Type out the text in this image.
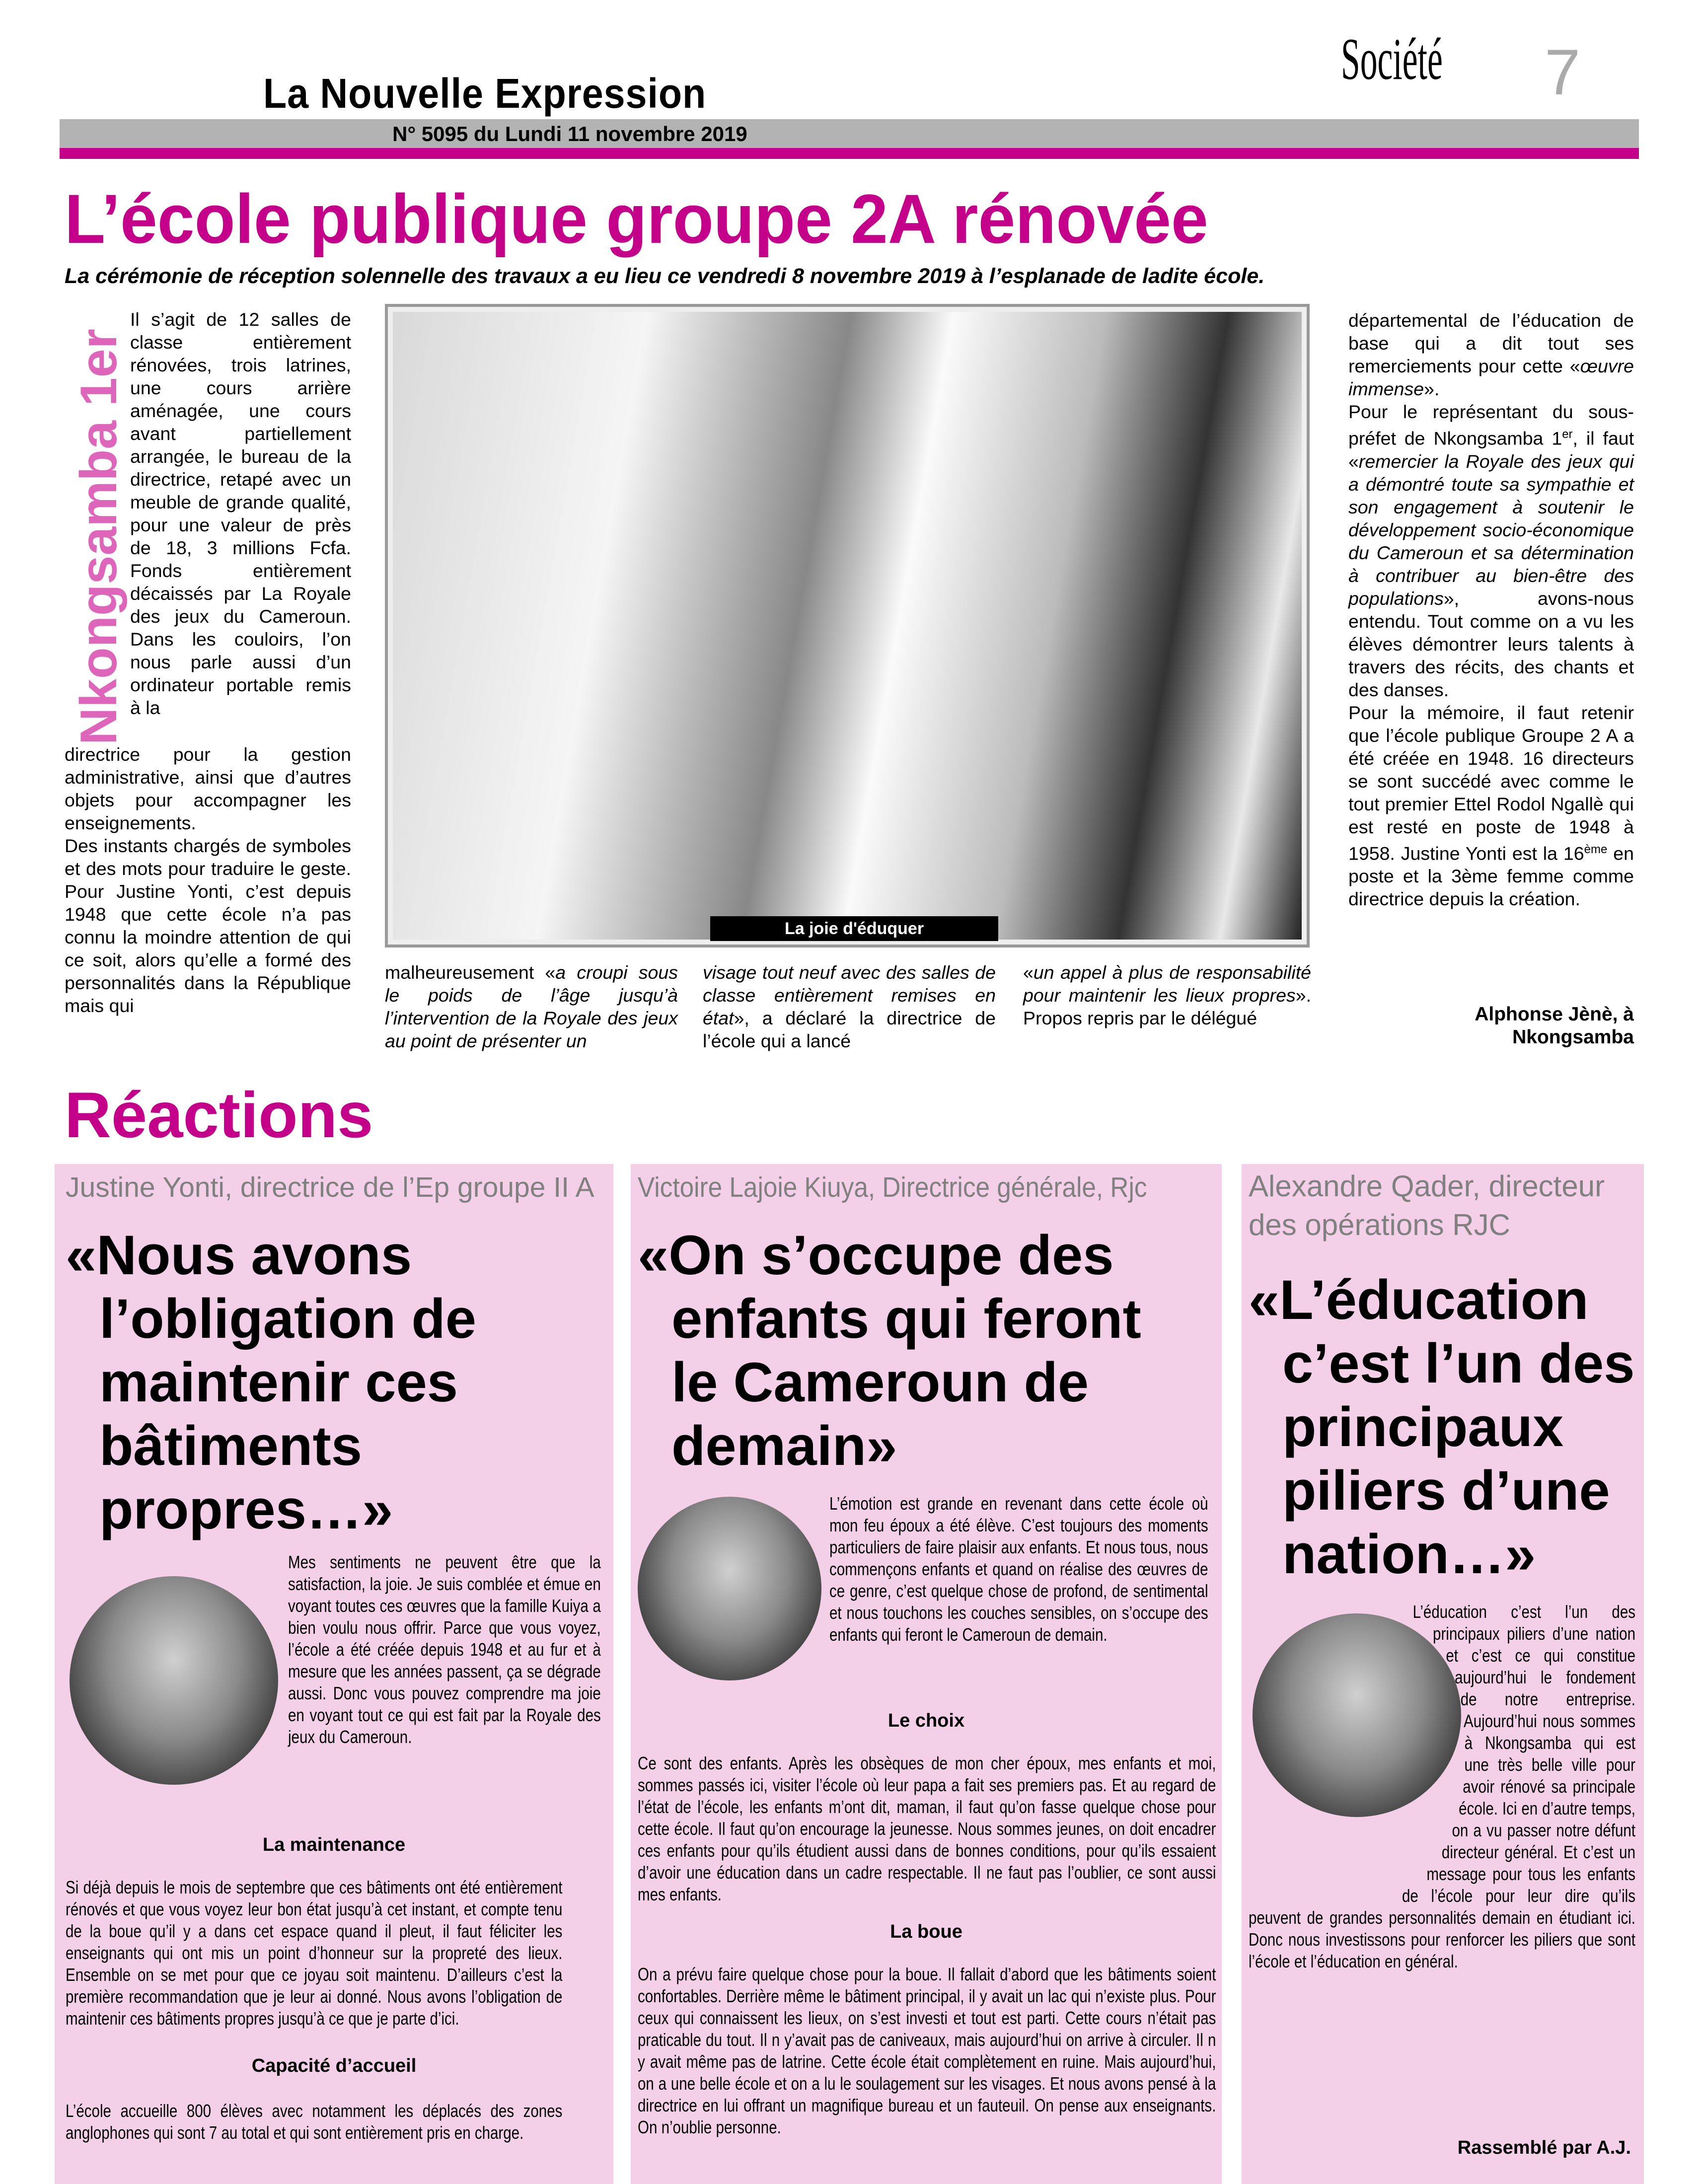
La Nouvelle Expression
N° 5095 du Lundi 11 novembre 2019
Société 7
L’école publique groupe 2A rénovée
La cérémonie de réception solennelle des travaux a eu lieu ce vendredi 8 novembre 2019 à l’esplanade de ladite école.
Nkongsamba 1er
Il s’agit de 12 salles de classe entièrement rénovées, trois latrines, une cours arrière aménagée, une cours avant partiellement arrangée, le bureau de la directrice, retapé avec un meuble de grande qualité, pour une valeur de près de 18, 3 millions Fcfa. Fonds entièrement décaissés par La Royale des jeux du Cameroun. Dans les couloirs, l’on nous parle aussi d’un ordinateur portable remis à la
directrice pour la gestion administrative, ainsi que d’autres objets pour accompagner les enseignements.
Des instants chargés de symboles et des mots pour traduire le geste. Pour Justine Yonti, c’est depuis 1948 que cette école n’a pas connu la moindre attention de qui ce soit, alors qu’elle a formé des personnalités dans la République mais qui
La joie d'éduquer
malheureusement «a croupi sous le poids de l’âge jusqu’à l’intervention de la Royale des jeux au point de présenter un
visage tout neuf avec des salles de classe entièrement remises en état», a déclaré la directrice de l’école qui a lancé
«un appel à plus de responsabilité pour maintenir les lieux propres». Propos repris par le délégué
départemental de l’éducation de base qui a dit tout ses remerciements pour cette «œuvre immense».
Pour le représentant du sous-préfet de Nkongsamba 1er, il faut «remercier la Royale des jeux qui a démontré toute sa sympathie et son engagement à soutenir le développement socio-économique du Cameroun et sa détermination à contribuer au bien-être des populations», avons-nous entendu. Tout comme on a vu les élèves démontrer leurs talents à travers des récits, des chants et des danses.
Pour la mémoire, il faut retenir que l’école publique Groupe 2 A a été créée en 1948. 16 directeurs se sont succédé avec comme le tout premier Ettel Rodol Ngallè qui est resté en poste de 1948 à 1958. Justine Yonti est la 16ème en poste et la 3ème femme comme directrice depuis la création.
Alphonse Jènè, à Nkongsamba
Réactions
Justine Yonti, directrice de l’Ep groupe II A
«Nous avons l’obligation de maintenir ces bâtiments propres…»
Mes sentiments ne peuvent être que la satisfaction, la joie. Je suis comblée et émue en voyant toutes ces œuvres que la famille Kuiya a bien voulu nous offrir. Parce que vous voyez, l’école a été créée depuis 1948 et au fur et à mesure que les années passent, ça se dégrade aussi. Donc vous pouvez comprendre ma joie en voyant tout ce qui est fait par la Royale des jeux du Cameroun.
La maintenance
Si déjà depuis le mois de septembre que ces bâtiments ont été entièrement rénovés et que vous voyez leur bon état jusqu’à cet instant, et compte tenu de la boue qu’il y a dans cet espace quand il pleut, il faut féliciter les enseignants qui ont mis un point d’honneur sur la propreté des lieux. Ensemble on se met pour que ce joyau soit maintenu. D’ailleurs c’est la première recommandation que je leur ai donné. Nous avons l’obligation de maintenir ces bâtiments propres jusqu’à ce que je parte d’ici.
Capacité d’accueil
L’école accueille 800 élèves avec notamment les déplacés des zones anglophones qui sont 7 au total et qui sont entièrement pris en charge.
Victoire Lajoie Kiuya, Directrice générale, Rjc
«On s’occupe des enfants qui feront le Cameroun de demain»
L’émotion est grande en revenant dans cette école où mon feu époux a été élève. C’est toujours des moments particuliers de faire plaisir aux enfants. Et nous tous, nous commençons enfants et quand on réalise des œuvres de ce genre, c’est quelque chose de profond, de sentimental et nous touchons les couches sensibles, on s’occupe des enfants qui feront le Cameroun de demain.
Le choix
Ce sont des enfants. Après les obsèques de mon cher époux, mes enfants et moi, sommes passés ici, visiter l’école où leur papa a fait ses premiers pas. Et au regard de l’état de l’école, les enfants m’ont dit, maman, il faut qu’on fasse quelque chose pour cette école. Il faut qu’on encourage la jeunesse. Nous sommes jeunes, on doit encadrer ces enfants pour qu’ils étudient aussi dans de bonnes conditions, pour qu’ils essaient d’avoir une éducation dans un cadre respectable. Il ne faut pas l’oublier, ce sont aussi mes enfants.
La boue
On a prévu faire quelque chose pour la boue. Il fallait d’abord que les bâtiments soient confortables. Derrière même le bâtiment principal, il y avait un lac qui n’existe plus. Pour ceux qui connaissent les lieux, on s’est investi et tout est parti. Cette cours n’était pas praticable du tout. Il n y’avait pas de caniveaux, mais aujourd’hui on arrive à circuler. Il n y avait même pas de latrine. Cette école était complètement en ruine. Mais aujourd’hui, on a une belle école et on a lu le soulagement sur les visages. Et nous avons pensé à la directrice en lui offrant un magnifique bureau et un fauteuil. On pense aux enseignants. On n’oublie personne.
Alexandre Qader, directeur
des opérations RJC
«L’éducation c’est l’un des principaux piliers d’une nation…»
L’éducation c’est l’un des principaux piliers d’une nation et c’est ce qui constitue aujourd’hui le fondement de notre entreprise. Aujourd’hui nous sommes à Nkongsamba qui est une très belle ville pour avoir rénové sa principale école. Ici en d’autre temps, on a vu passer notre défunt directeur général. Et c’est un message pour tous les enfants de l’école pour leur dire qu’ils peuvent de grandes personnalités demain en étudiant ici. Donc nous investissons pour renforcer les piliers que sont l’école et l’éducation en général.
Rassemblé par A.J.
